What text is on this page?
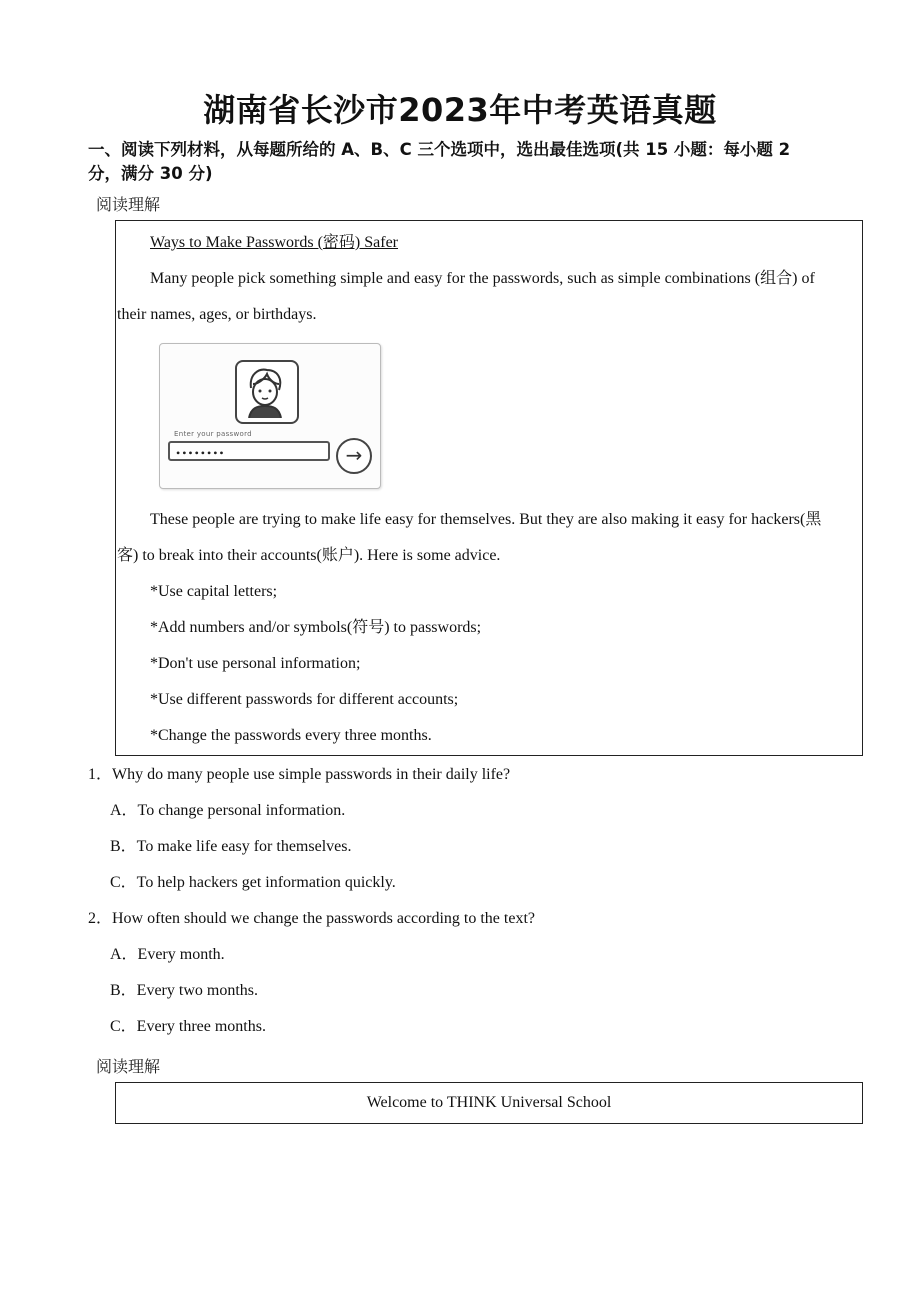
湖南省长沙市2023年中考英语真题
一、阅读下列材料，从每题所给的 A、B、C 三个选项中，选出最佳选项(共 15 小题：每小题 2
分，满分 30 分)
阅读理解
Ways to Make Passwords (密码) Safer
Many people pick something simple and easy for the passwords, such as simple combinations (组合) of
their names, ages, or birthdays.
Enter your password
••••••••	→
These people are trying to make life easy for themselves. But they are also making it easy for hackers(黑
客) to break into their accounts(账户). Here is some advice.
*Use capital letters;
*Add numbers and/or symbols(符号) to passwords;
*Don't use personal information;
*Use different passwords for different accounts;
*Change the passwords every three months.
1．Why do many people use simple passwords in their daily life?
A．To change personal information.
B．To make life easy for themselves.
C．To help hackers get information quickly.
2．How often should we change the passwords according to the text?
A．Every month.
B．Every two months.
C．Every three months.
阅读理解
Welcome to THINK Universal School
